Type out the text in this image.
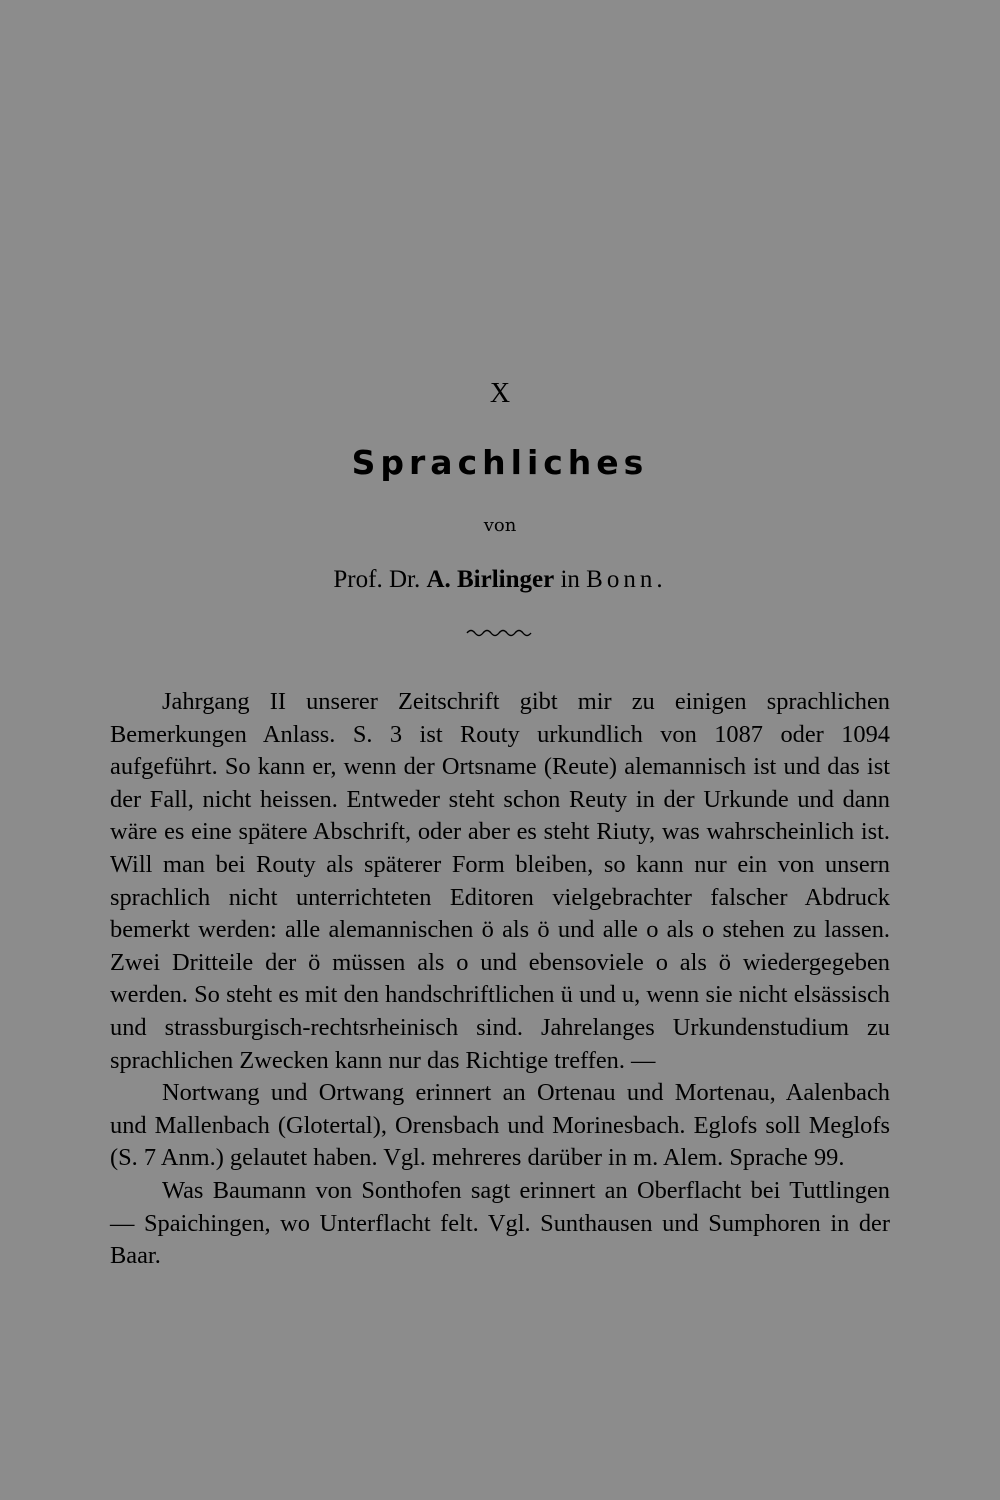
X
Sprachliches
von
Prof. Dr. A. Birlinger in Bonn.

Jahrgang II unserer Zeitschrift gibt mir zu einigen sprachlichen Bemerkungen Anlass. S. 3 ist Routy urkundlich von 1087 oder 1094 aufgeführt. So kann er, wenn der Ortsname (Reute) alemannisch ist und das ist der Fall, nicht heissen. Entweder steht schon Reuty in der Urkunde und dann wäre es eine spätere Abschrift, oder aber es steht Riuty, was wahrscheinlich ist. Will man bei Routy als späterer Form bleiben, so kann nur ein von unsern sprachlich nicht unterrichteten Editoren vielgebrachter falscher Abdruck bemerkt werden: alle alemannischen ö als ö und alle o als o stehen zu lassen. Zwei Dritteile der ö müssen als o und ebensoviele o als ö wiedergegeben werden. So steht es mit den handschriftlichen ü und u, wenn sie nicht elsässisch und strassburgisch-rechtsrheinisch sind. Jahrelanges Urkundenstudium zu sprachlichen Zwecken kann nur das Richtige treffen. —

Nortwang und Ortwang erinnert an Ortenau und Mortenau, Aalenbach und Mallenbach (Glotertal), Orensbach und Morinesbach. Eglofs soll Meglofs (S. 7 Anm.) gelautet haben. Vgl. mehreres darüber in m. Alem. Sprache 99.

Was Baumann von Sonthofen sagt erinnert an Oberflacht bei Tuttlingen — Spaichingen, wo Unterflacht felt. Vgl. Sunthausen und Sumphoren in der Baar.
